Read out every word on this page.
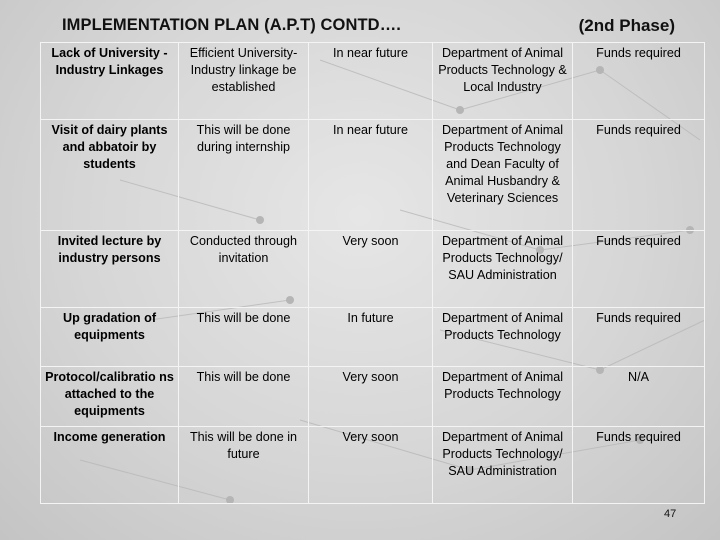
IMPLEMENTATION PLAN (A.P.T) CONTD….	(2nd Phase)
Lack of University -Industry Linkages	Efficient University-Industry linkage be established	In near future	Department of Animal Products Technology & Local Industry	Funds required
Visit of dairy plants and abbatoir by students	This will be done during internship	In near future	Department of Animal Products Technology and Dean Faculty of Animal Husbandry & Veterinary Sciences	Funds required
Invited lecture by industry persons	Conducted through invitation	Very soon	Department of Animal Products Technology/ SAU Administration	Funds required
Up gradation of equipments	This will be done	In future	Department of Animal Products Technology	Funds required
Protocol/calibratio ns attached to the equipments	This will be done	Very soon	Department of Animal Products Technology	N/A
Income generation	This will be done in future	Very soon	Department of Animal Products Technology/ SAU Administration	Funds required
47
